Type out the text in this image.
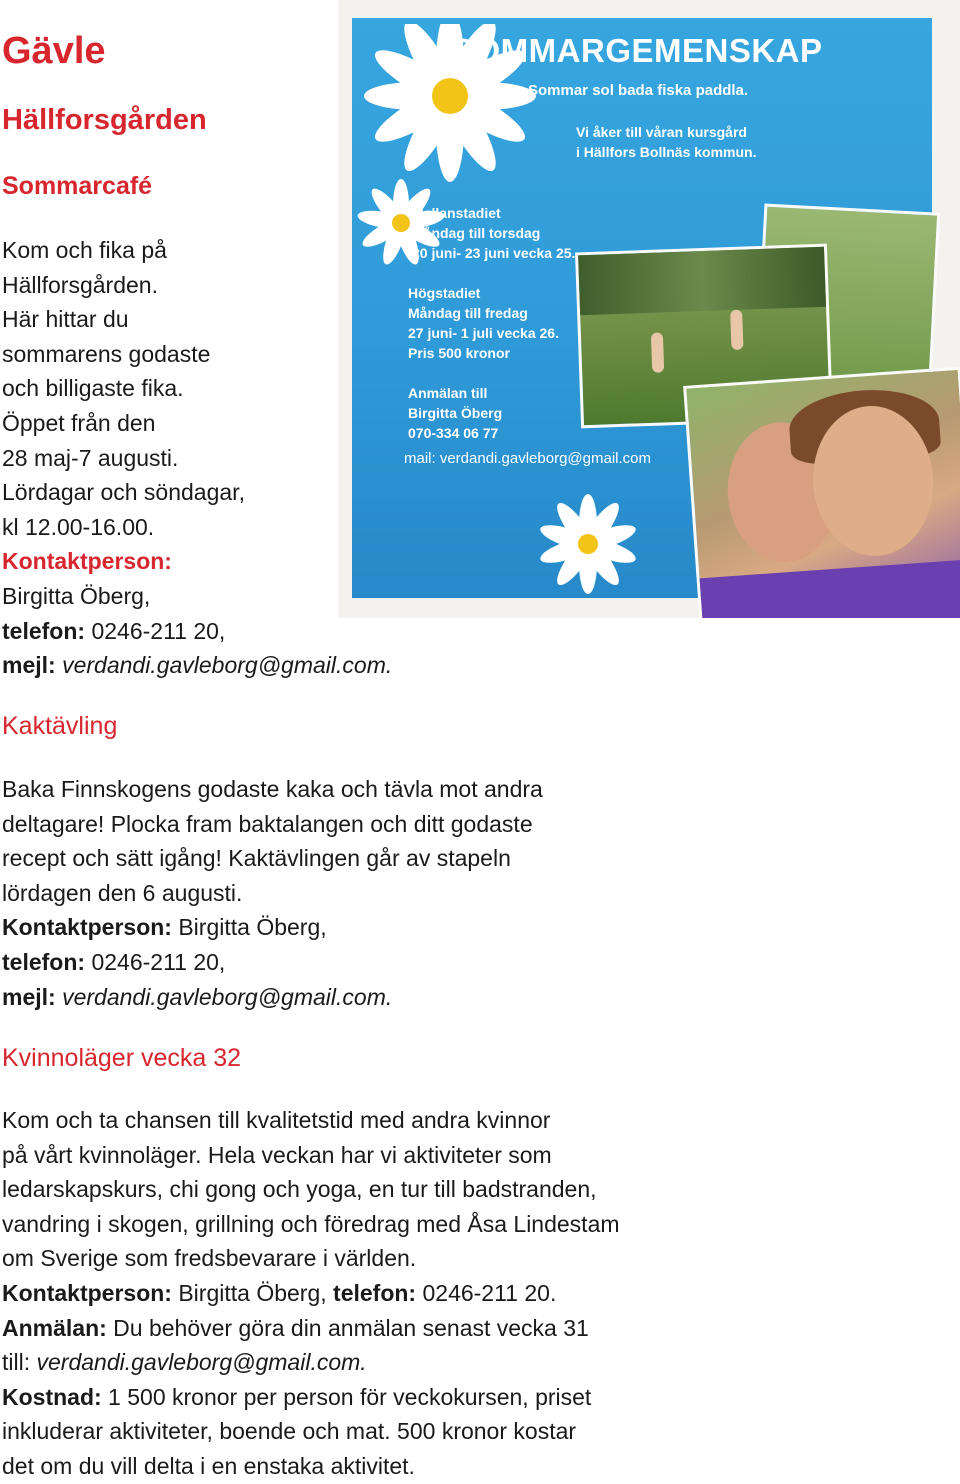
Gävle
Hällforsgården
Sommarcafé

Kom och fika på

Hällforsgården.

Här hittar du

sommarens godaste

och billigaste fika.

Öppet från den

28 maj-7 augusti.

Lördagar och söndagar,

kl 12.00-16.00.

Kontaktperson:

Birgitta Öberg,

telefon: 0246-211 20,

mejl: verdandi.gavleborg@gmail.com.

Kaktävling

Baka Finnskogens godaste kaka och tävla mot andra

deltagare! Plocka fram baktalangen och ditt godaste

recept och sätt igång! Kaktävlingen går av stapeln

lördagen den 6 augusti.

Kontaktperson: Birgitta Öberg,

telefon: 0246-211 20,

mejl: verdandi.gavleborg@gmail.com.

Kvinnoläger vecka 32

Kom och ta chansen till kvalitetstid med andra kvinnor

på vårt kvinnoläger. Hela veckan har vi aktiviteter som

ledarskapskurs, chi gong och yoga, en tur till badstranden,

vandring i skogen, grillning och föredrag med Åsa Lindestam

om Sverige som fredsbevarare i världen.

Kontaktperson: Birgitta Öberg, telefon: 0246-211 20.

Anmälan: Du behöver göra din anmälan senast vecka 31

till: verdandi.gavleborg@gmail.com.

Kostnad: 1 500 kronor per person för veckokursen, priset

inkluderar aktiviteter, boende och mat. 500 kronor kostar

det om du vill delta i en enstaka aktivitet.

SOMMARGEMENSKAP

Sommar sol bada fiska paddla.

Vi åker till våran kursgård
i Hällfors Bollnäs kommun.
Mellanstadiet
Måndag till torsdag
20 juni- 23 juni vecka 25.
Högstadiet
Måndag till fredag
27 juni- 1 juli vecka 26.
Pris 500 kronor
Anmälan till
Birgitta Öberg
070-334 06 77

mail: verdandi.gavleborg@gmail.com
